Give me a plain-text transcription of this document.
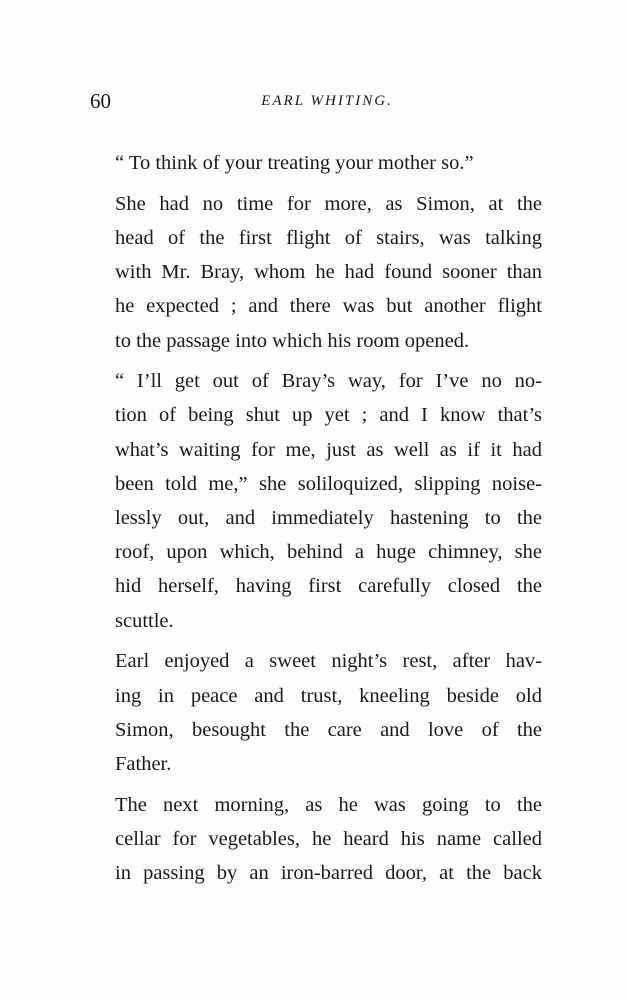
60	EARL WHITING.

“ To think of your treating your mother so.”

She had no time for more, as Simon, at the
head of the first flight of stairs, was talking
with Mr. Bray, whom he had found sooner than
he expected ; and there was but another flight
to the passage into which his room opened.

“ I’ll get out of Bray’s way, for I’ve no no-
tion of being shut up yet ; and I know that’s
what’s waiting for me, just as well as if it had
been told me,” she soliloquized, slipping noise-
lessly out, and immediately hastening to the
roof, upon which, behind a huge chimney, she
hid herself, having first carefully closed the
scuttle.

Earl enjoyed a sweet night’s rest, after hav-
ing in peace and trust, kneeling beside old
Simon, besought the care and love of the
Father.

The next morning, as he was going to the
cellar for vegetables, he heard his name called
in passing by an iron-barred door, at the back
